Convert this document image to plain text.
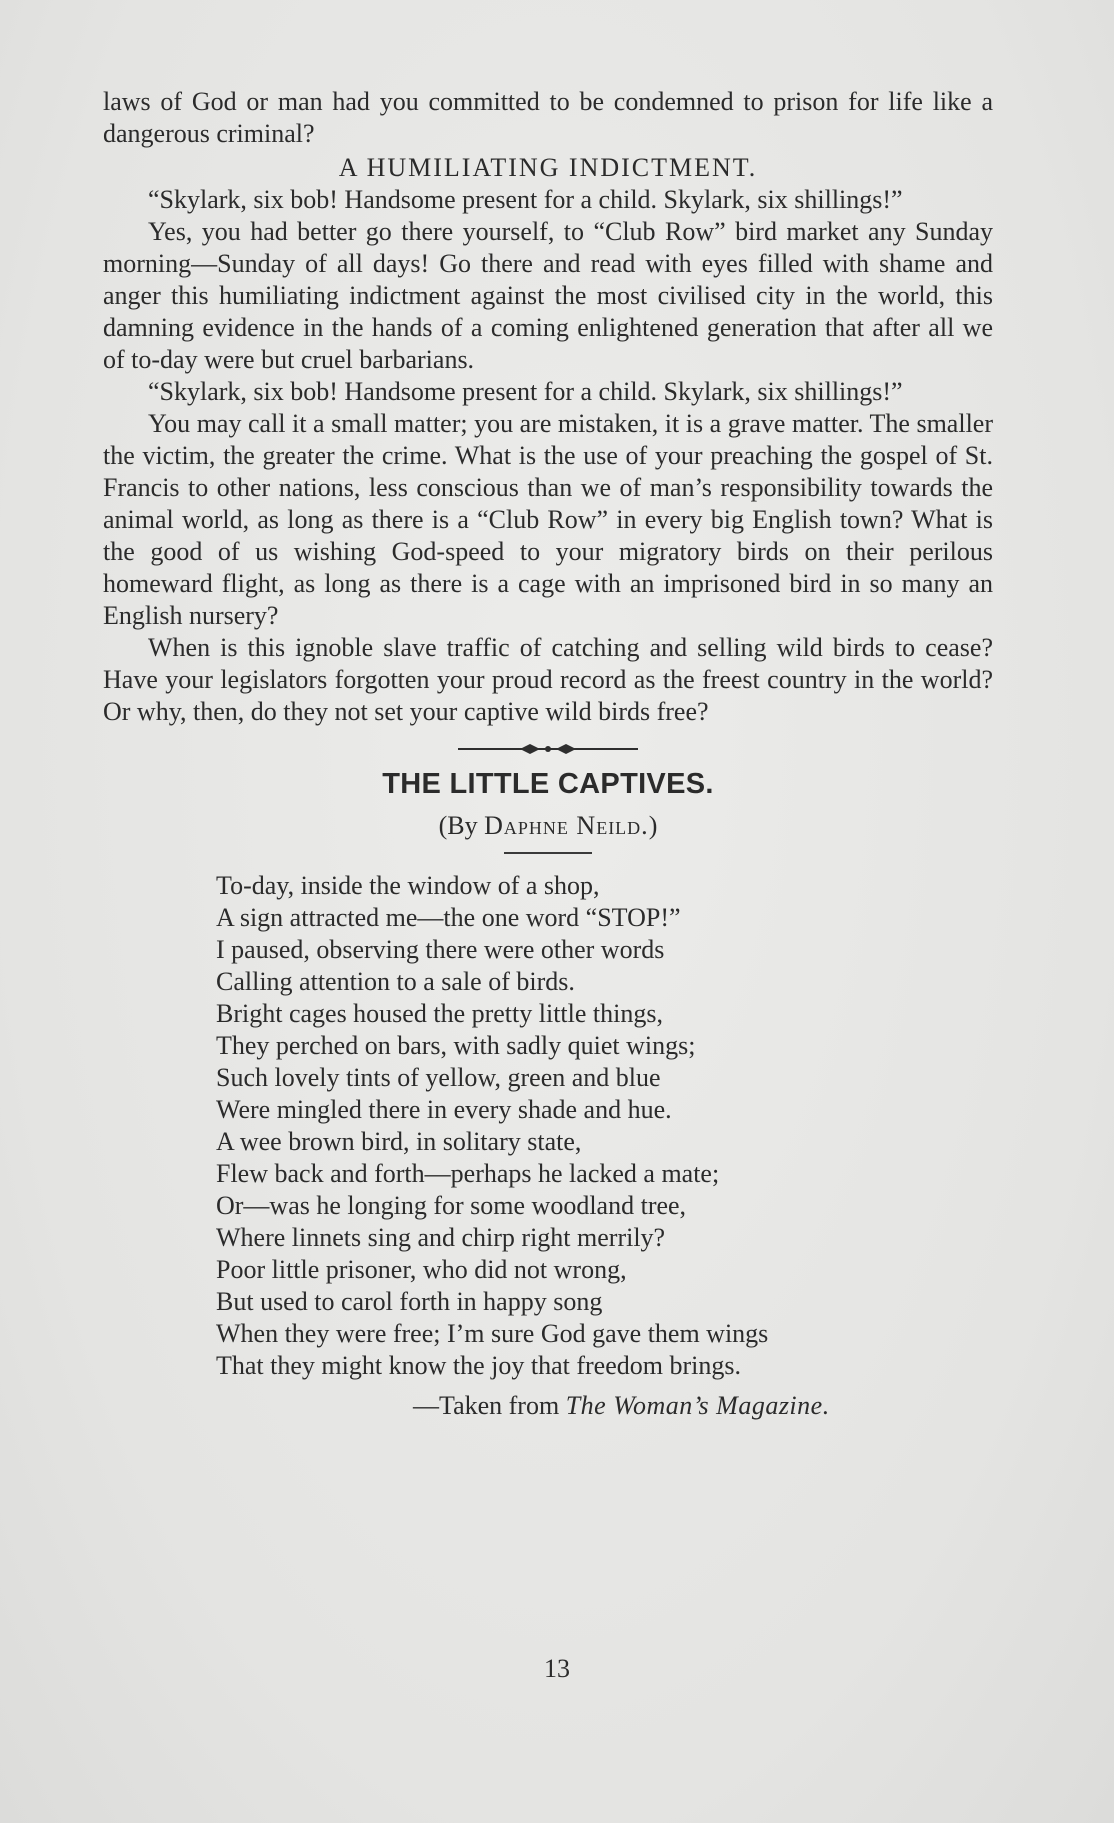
laws of God or man had you committed to be condemned to prison for life like a dangerous criminal?

A HUMILIATING INDICTMENT.

“Skylark, six bob! Handsome present for a child. Skylark, six shillings!”

Yes, you had better go there yourself, to “Club Row” bird market any Sunday morning—Sunday of all days! Go there and read with eyes filled with shame and anger this humiliating indictment against the most civilised city in the world, this damning evidence in the hands of a coming enlightened generation that after all we of to-day were but cruel barbarians.

“Skylark, six bob! Handsome present for a child. Skylark, six shillings!”

You may call it a small matter; you are mistaken, it is a grave matter. The smaller the victim, the greater the crime. What is the use of your preaching the gospel of St. Francis to other nations, less conscious than we of man’s responsibility towards the animal world, as long as there is a “Club Row” in every big English town? What is the good of us wishing God-speed to your migratory birds on their perilous homeward flight, as long as there is a cage with an imprisoned bird in so many an English nursery?

When is this ignoble slave traffic of catching and selling wild birds to cease? Have your legislators forgotten your proud record as the freest country in the world? Or why, then, do they not set your captive wild birds free?

THE LITTLE CAPTIVES.

(By Daphne Neild.)

To-day, inside the window of a shop,

A sign attracted me—the one word “STOP!”

I paused, observing there were other words

Calling attention to a sale of birds.

Bright cages housed the pretty little things,

They perched on bars, with sadly quiet wings;

Such lovely tints of yellow, green and blue

Were mingled there in every shade and hue.

A wee brown bird, in solitary state,

Flew back and forth—perhaps he lacked a mate;

Or—was he longing for some woodland tree,

Where linnets sing and chirp right merrily?

Poor little prisoner, who did not wrong,

But used to carol forth in happy song

When they were free; I’m sure God gave them wings

That they might know the joy that freedom brings.

—Taken from The Woman’s Magazine.

13
